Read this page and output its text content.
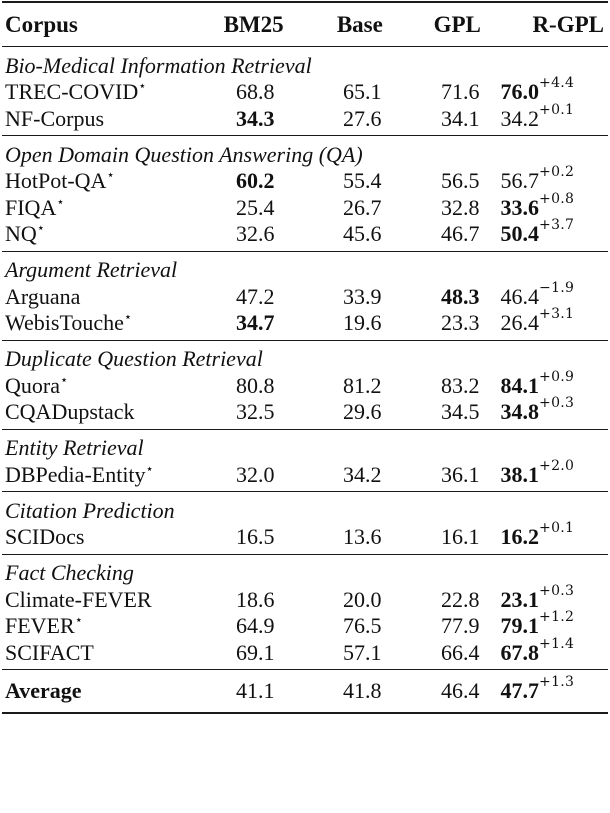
Corpus	BM25	Base	GPL	R-GPL
Bio-Medical Information Retrieval
TREC-COVID⋆	68.8	65.1	71.6 $76.0^{+4.4}$
NF-Corpus	34.3	27.6	34.1 $34.2^{+0.1}$
Open Domain Question Answering (QA)
HotPot-QA⋆	60.2	55.4	56.5 $56.7^{+0.2}$
FIQA⋆	25.4	26.7	32.8 $33.6^{+0.8}$
NQ⋆	32.6	45.6	46.7 $50.4^{+3.7}$
Argument Retrieval
Arguana	47.2	33.9	48.3 $46.4^{-1.9}$
WebisTouche⋆	34.7	19.6	23.3 $26.4^{+3.1}$
Duplicate Question Retrieval
Quora⋆	80.8	81.2	83.2 $84.1^{+0.9}$
CQADupstack	32.5	29.6	34.5 $34.8^{+0.3}$
Entity Retrieval
DBPedia-Entity⋆	32.0	34.2	36.1 $38.1^{+2.0}$
Citation Prediction
SCIDocs	16.5	13.6	16.1 $16.2^{+0.1}$
Fact Checking
Climate-FEVER	18.6	20.0	22.8 $23.1^{+0.3}$
FEVER⋆	64.9	76.5	77.9 $79.1^{+1.2}$
SCIFACT	69.1	57.1	66.4 $67.8^{+1.4}$
Average	41.1	41.8	46.4 $47.7^{+1.3}$
